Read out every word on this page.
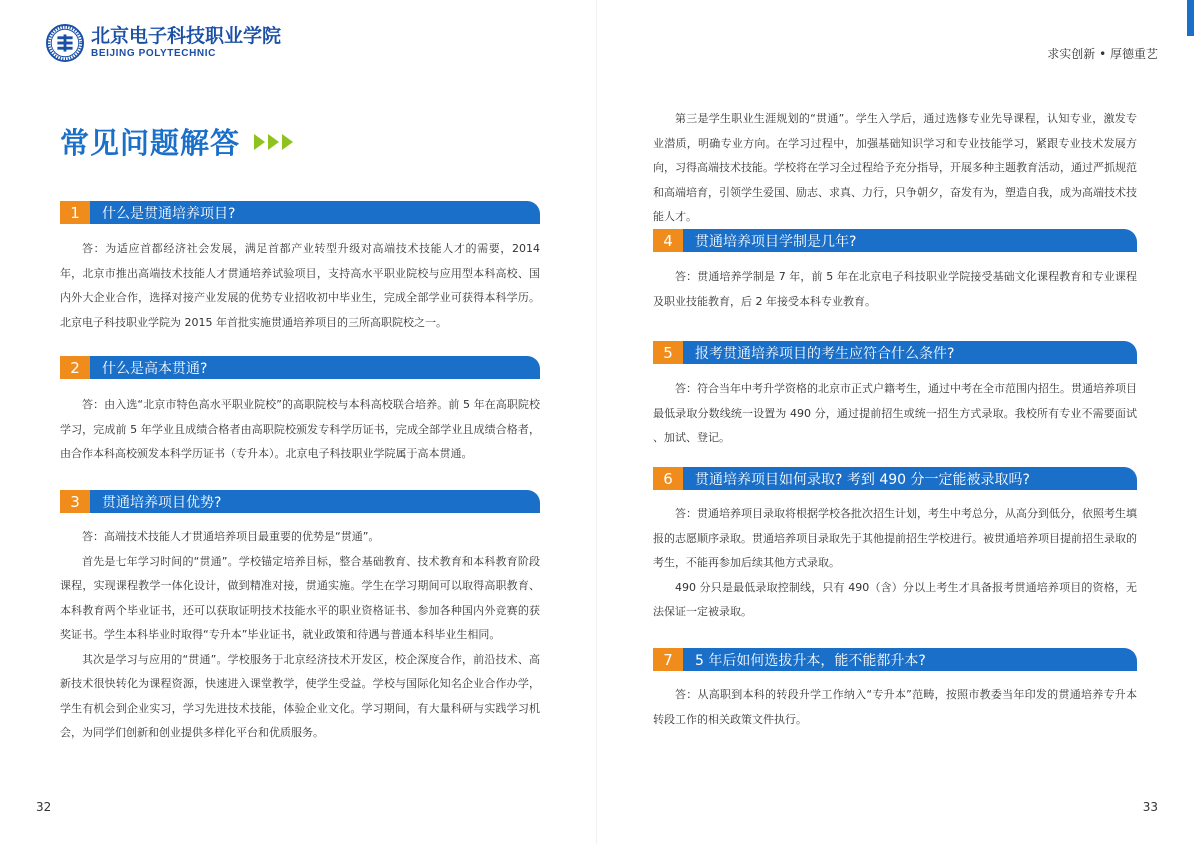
北京电子科技职业学院
BEIJING POLYTECHNIC
常见问题解答
1	什么是贯通培养项目?

答：为适应首都经济社会发展，满足首都产业转型升级对高端技术技能人才的需要，2014 年，北京市推出高端技术技能人才贯通培养试验项目，支持高水平职业院校与应用型本科高校、国内外大企业合作，选择对接产业发展的优势专业招收初中毕业生，完成全部学业可获得本科学历。北京电子科技职业学院为 2015 年首批实施贯通培养项目的三所高职院校之一。

2	什么是高本贯通?

答：由入选“北京市特色高水平职业院校”的高职院校与本科高校联合培养。前 5 年在高职院校学习，完成前 5 年学业且成绩合格者由高职院校颁发专科学历证书，完成全部学业且成绩合格者，由合作本科高校颁发本科学历证书（专升本）。北京电子科技职业学院属于高本贯通。

3	贯通培养项目优势?

答：高端技术技能人才贯通培养项目最重要的优势是“贯通”。

首先是七年学习时间的“贯通”。学校锚定培养目标，整合基础教育、技术教育和本科教育阶段课程，实现课程教学一体化设计，做到精准对接，贯通实施。学生在学习期间可以取得高职教育、本科教育两个毕业证书，还可以获取证明技术技能水平的职业资格证书、参加各种国内外竞赛的获奖证书。学生本科毕业时取得“专升本”毕业证书，就业政策和待遇与普通本科毕业生相同。

其次是学习与应用的“贯通”。学校服务于北京经济技术开发区，校企深度合作，前沿技术、高新技术很快转化为课程资源，快速进入课堂教学，使学生受益。学校与国际化知名企业合作办学，学生有机会到企业实习，学习先进技术技能，体验企业文化。学习期间，有大量科研与实践学习机会，为同学们创新和创业提供多样化平台和优质服务。

32
求实创新 • 厚德重艺

第三是学生职业生涯规划的“贯通”。学生入学后，通过选修专业先导课程，认知专业，激发专业潜质，明确专业方向。在学习过程中，加强基础知识学习和专业技能学习，紧跟专业技术发展方向，习得高端技术技能。学校将在学习全过程给予充分指导，开展多种主题教育活动，通过严抓规范和高端培育，引领学生爱国、励志、求真、力行，只争朝夕，奋发有为，塑造自我，成为高端技术技能人才。

4	贯通培养项目学制是几年?

答：贯通培养学制是 7 年，前 5 年在北京电子科技职业学院接受基础文化课程教育和专业课程及职业技能教育，后 2 年接受本科专业教育。

5	报考贯通培养项目的考生应符合什么条件?

答：符合当年中考升学资格的北京市正式户籍考生，通过中考在全市范围内招生。贯通培养项目最低录取分数线统一设置为 490 分，通过提前招生或统一招生方式录取。我校所有专业不需要面试 、加试、登记。

6	贯通培养项目如何录取? 考到 490 分一定能被录取吗?

答：贯通培养项目录取将根据学校各批次招生计划，考生中考总分，从高分到低分，依照考生填报的志愿顺序录取。贯通培养项目录取先于其他提前招生学校进行。被贯通培养项目提前招生录取的考生，不能再参加后续其他方式录取。

490 分只是最低录取控制线，只有 490（含）分以上考生才具备报考贯通培养项目的资格，无法保证一定被录取。

7	5 年后如何选拔升本，能不能都升本?

答：从高职到本科的转段升学工作纳入“专升本”范畴，按照市教委当年印发的贯通培养专升本转段工作的相关政策文件执行。

33
